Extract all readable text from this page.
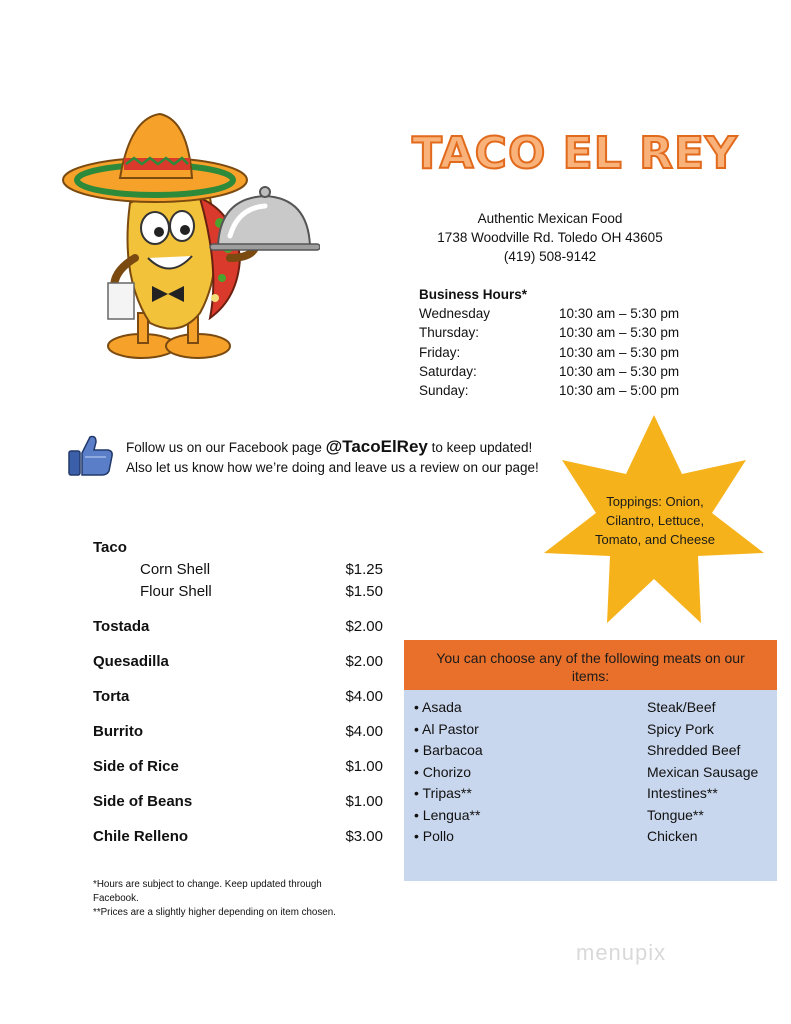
TACO EL REY
Authentic Mexican Food
1738 Woodville Rd. Toledo OH 43605
(419) 508-9142
Business Hours*
Wednesday	10:30 am – 5:30 pm
Thursday:	10:30 am – 5:30 pm
Friday:	10:30 am – 5:30 pm
Saturday:	10:30 am – 5:30 pm
Sunday:	10:30 am – 5:00 pm
Follow us on our Facebook page @TacoElRey to keep updated! Also let us know how we’re doing and leave us a review on our page!
Toppings: Onion,
Cilantro, Lettuce,
Tomato, and Cheese
Taco
Corn Shell	$1.25
Flour Shell	$1.50
Tostada	$2.00
Quesadilla	$2.00
Torta	$4.00
Burrito	$4.00
Side of Rice	$1.00
Side of Beans	$1.00
Chile Relleno	$3.00
You can choose any of the following meats on our
items:
• Asada	Steak/Beef
• Al Pastor	Spicy Pork
• Barbacoa	Shredded Beef
• Chorizo	Mexican Sausage
• Tripas**	Intestines**
• Lengua**	Tongue**
• Pollo	Chicken
*Hours are subject to change. Keep updated through
Facebook.
**Prices are a slightly higher depending on item chosen.
menupix
